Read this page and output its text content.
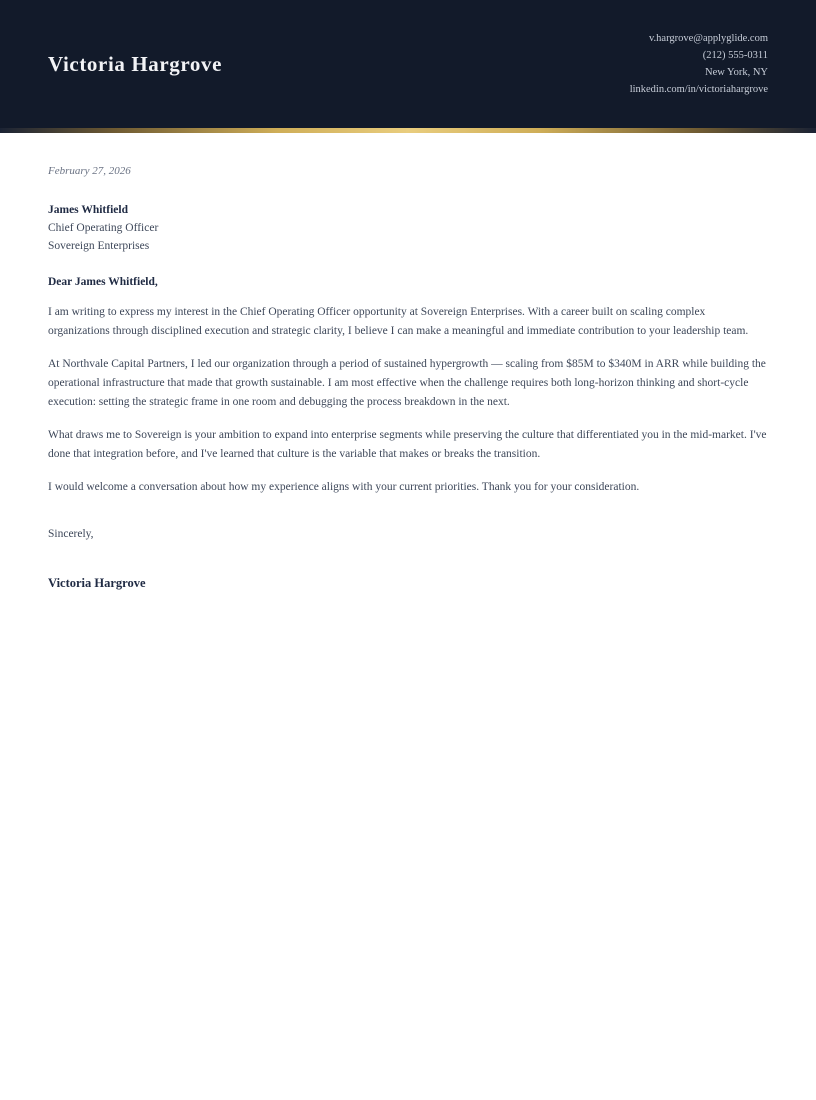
Victoria Hargrove
v.hargrove@applyglide.com
(212) 555-0311
New York, NY
linkedin.com/in/victoriahargrove

February 27, 2026

James Whitfield

Chief Operating Officer

Sovereign Enterprises

Dear James Whitfield,

I am writing to express my interest in the Chief Operating Officer opportunity at Sovereign Enterprises. With a career built on scaling complex organizations through disciplined execution and strategic clarity, I believe I can make a meaningful and immediate contribution to your leadership team.

At Northvale Capital Partners, I led our organization through a period of sustained hypergrowth — scaling from $85M to $340M in ARR while building the operational infrastructure that made that growth sustainable. I am most effective when the challenge requires both long-horizon thinking and short-cycle execution: setting the strategic frame in one room and debugging the process breakdown in the next.

What draws me to Sovereign is your ambition to expand into enterprise segments while preserving the culture that differentiated you in the mid-market. I've done that integration before, and I've learned that culture is the variable that makes or breaks the transition.

I would welcome a conversation about how my experience aligns with your current priorities. Thank you for your consideration.

Sincerely,

Victoria Hargrove
